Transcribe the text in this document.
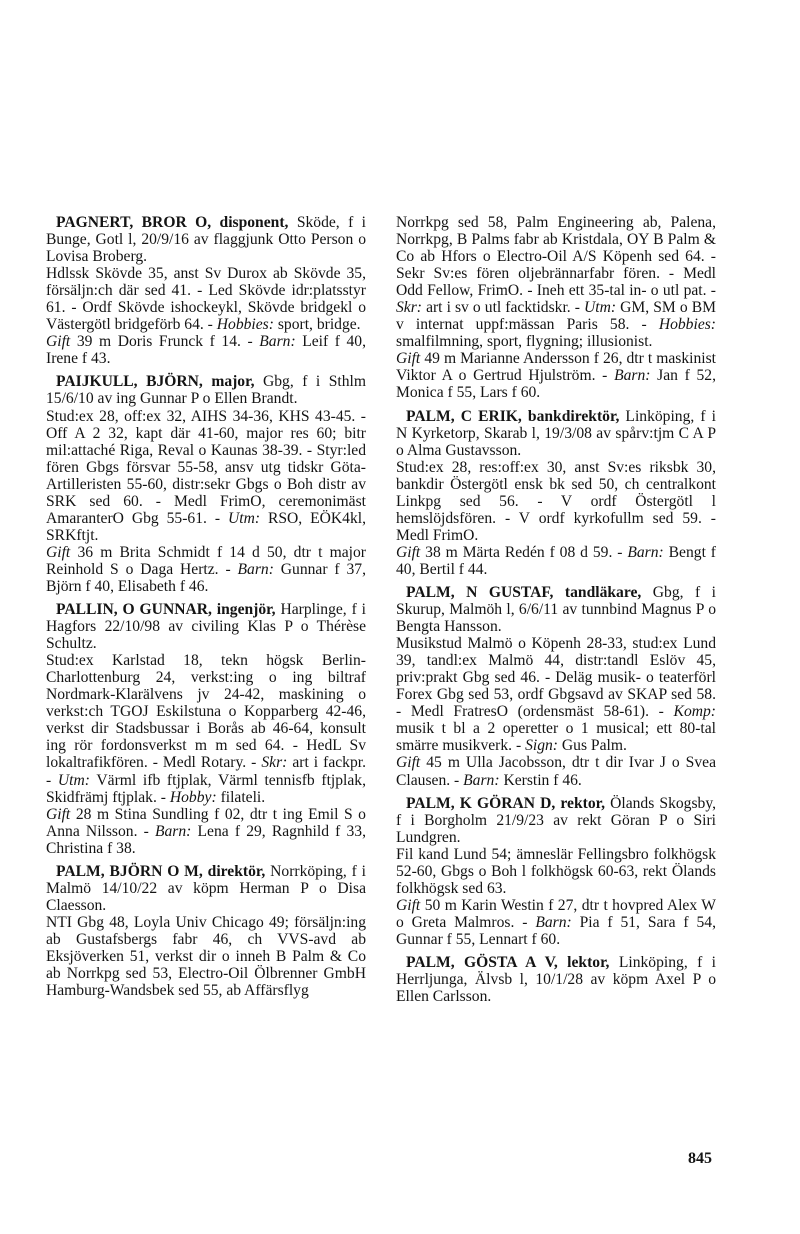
PAGNERT, BROR O, disponent, Sköde, f i Bunge, Gotl l, 20/9/16 av flaggjunk Otto Person o Lovisa Broberg.

Hdlssk Skövde 35, anst Sv Durox ab Skövde 35, försäljn:ch där sed 41. - Led Skövde idr:platsstyr 61. - Ordf Skövde ishockeykl, Skövde bridgekl o Västergötl bridgeförb 64. - Hobbies: sport, bridge.

Gift 39 m Doris Frunck f 14. - Barn: Leif f 40, Irene f 43.

PAIJKULL, BJÖRN, major, Gbg, f i Sthlm 15/6/10 av ing Gunnar P o Ellen Brandt.

Stud:ex 28, off:ex 32, AIHS 34-36, KHS 43-45. - Off A 2 32, kapt där 41-60, major res 60; bitr mil:attaché Riga, Reval o Kaunas 38-39. - Styr:led fören Gbgs försvar 55-58, ansv utg tidskr Göta-Artilleristen 55-60, distr:sekr Gbgs o Boh distr av SRK sed 60. - Medl FrimO, ceremonimäst AmaranterO Gbg 55-61. - Utm: RSO, EÖK4kl, SRKftjt.

Gift 36 m Brita Schmidt f 14 d 50, dtr t major Reinhold S o Daga Hertz. - Barn: Gunnar f 37, Björn f 40, Elisabeth f 46.

PALLIN, O GUNNAR, ingenjör, Harplinge, f i Hagfors 22/10/98 av civiling Klas P o Thérèse Schultz.

Stud:ex Karlstad 18, tekn högsk Berlin-Charlottenburg 24, verkst:ing o ing biltraf Nordmark-Klarälvens jv 24-42, maskining o verkst:ch TGOJ Eskilstuna o Kopparberg 42-46, verkst dir Stadsbussar i Borås ab 46-64, konsult ing rör fordonsverkst m m sed 64. - HedL Sv lokaltrafikfören. - Medl Rotary. - Skr: art i fackpr. - Utm: Värml ifb ftjplak, Värml tennisfb ftjplak, Skidfrämj ftjplak. - Hobby: filateli.

Gift 28 m Stina Sundling f 02, dtr t ing Emil S o Anna Nilsson. - Barn: Lena f 29, Ragnhild f 33, Christina f 38.

PALM, BJÖRN O M, direktör, Norrköping, f i Malmö 14/10/22 av köpm Herman P o Disa Claesson.

NTI Gbg 48, Loyla Univ Chicago 49; försäljn:ing ab Gustafsbergs fabr 46, ch VVS-avd ab Eksjöverken 51, verkst dir o inneh B Palm & Co ab Norrkpg sed 53, Electro-Oil Ölbrenner GmbH Hamburg-Wandsbek sed 55, ab Affärsflyg

Norrkpg sed 58, Palm Engineering ab, Palena, Norrkpg, B Palms fabr ab Kristdala, OY B Palm & Co ab Hfors o Electro-Oil A/S Köpenh sed 64. - Sekr Sv:es fören oljebrännarfabr fören. - Medl Odd Fellow, FrimO. - Ineh ett 35-tal in- o utl pat. - Skr: art i sv o utl facktidskr. - Utm: GM, SM o BM v internat uppf:mässan Paris 58. - Hobbies: smalfilmning, sport, flygning; illusionist.

Gift 49 m Marianne Andersson f 26, dtr t maskinist Viktor A o Gertrud Hjulström. - Barn: Jan f 52, Monica f 55, Lars f 60.

PALM, C ERIK, bankdirektör, Linköping, f i N Kyrketorp, Skarab l, 19/3/08 av spårv:tjm C A P o Alma Gustavsson.

Stud:ex 28, res:off:ex 30, anst Sv:es riksbk 30, bankdir Östergötl ensk bk sed 50, ch centralkont Linkpg sed 56. - V ordf Östergötl l hemslöjdsfören. - V ordf kyrkofullm sed 59. - Medl FrimO.

Gift 38 m Märta Redén f 08 d 59. - Barn: Bengt f 40, Bertil f 44.

PALM, N GUSTAF, tandläkare, Gbg, f i Skurup, Malmöh l, 6/6/11 av tunnbind Magnus P o Bengta Hansson.

Musikstud Malmö o Köpenh 28-33, stud:ex Lund 39, tandl:ex Malmö 44, distr:tandl Eslöv 45, priv:prakt Gbg sed 46. - Deläg musik- o teaterförl Forex Gbg sed 53, ordf Gbgsavd av SKAP sed 58. - Medl FratresO (ordensmäst 58-61). - Komp: musik t bl a 2 operetter o 1 musical; ett 80-tal smärre musikverk. - Sign: Gus Palm.

Gift 45 m Ulla Jacobsson, dtr t dir Ivar J o Svea Clausen. - Barn: Kerstin f 46.

PALM, K GÖRAN D, rektor, Ölands Skogsby, f i Borgholm 21/9/23 av rekt Göran P o Siri Lundgren.

Fil kand Lund 54; ämneslär Fellingsbro folkhögsk 52-60, Gbgs o Boh l folkhögsk 60-63, rekt Ölands folkhögsk sed 63.

Gift 50 m Karin Westin f 27, dtr t hovpred Alex W o Greta Malmros. - Barn: Pia f 51, Sara f 54, Gunnar f 55, Lennart f 60.

PALM, GÖSTA A V, lektor, Linköping, f i Herrljunga, Älvsb l, 10/1/28 av köpm Axel P o Ellen Carlsson.

845
